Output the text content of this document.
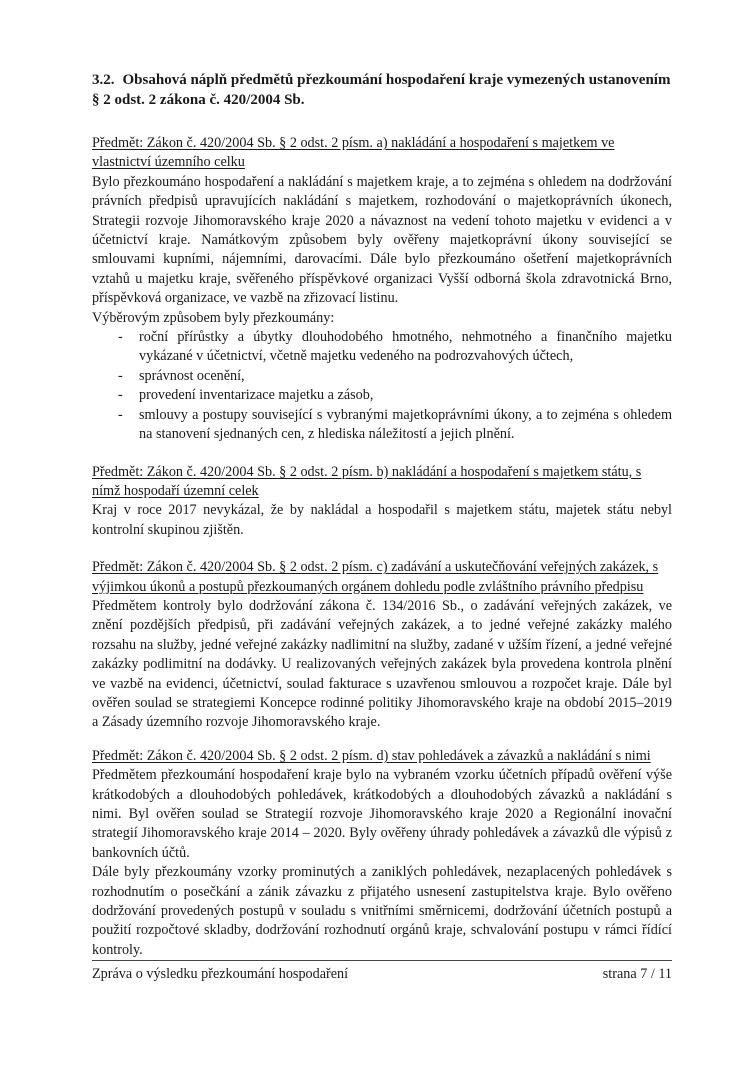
3.2. Obsahová náplň předmětů přezkoumání hospodaření kraje vymezených ustanovením § 2 odst. 2 zákona č. 420/2004 Sb.
Předmět: Zákon č. 420/2004 Sb. § 2 odst. 2 písm. a) nakládání a hospodaření s majetkem ve vlastnictví územního celku
Bylo přezkoumáno hospodaření a nakládání s majetkem kraje, a to zejména s ohledem na dodržování právních předpisů upravujících nakládání s majetkem, rozhodování o majetkoprávních úkonech, Strategii rozvoje Jihomoravského kraje 2020 a návaznost na vedení tohoto majetku v evidenci a v účetnictví kraje. Namátkovým způsobem byly ověřeny majetkoprávní úkony související se smlouvami kupními, nájemními, darovacími. Dále bylo přezkoumáno ošetření majetkoprávních vztahů u majetku kraje, svěřeného příspěvkové organizaci Vyšší odborná škola zdravotnická Brno, příspěvková organizace, ve vazbě na zřizovací listinu.
Výběrovým způsobem byly přezkoumány:
- roční přírůstky a úbytky dlouhodobého hmotného, nehmotného a finančního majetku vykázané v účetnictví, včetně majetku vedeného na podrozvahových účtech,
- správnost ocenění,
- provedení inventarizace majetku a zásob,
- smlouvy a postupy související s vybranými majetkoprávními úkony, a to zejména s ohledem na stanovení sjednaných cen, z hlediska náležitostí a jejich plnění.
Předmět: Zákon č. 420/2004 Sb. § 2 odst. 2 písm. b) nakládání a hospodaření s majetkem státu, s nímž hospodaří územní celek
Kraj v roce 2017 nevykázal, že by nakládal a hospodařil s majetkem státu, majetek státu nebyl kontrolní skupinou zjištěn.
Předmět: Zákon č. 420/2004 Sb. § 2 odst. 2 písm. c) zadávání a uskutečňování veřejných zakázek, s výjimkou úkonů a postupů přezkoumaných orgánem dohledu podle zvláštního právního předpisu
Předmětem kontroly bylo dodržování zákona č. 134/2016 Sb., o zadávání veřejných zakázek, ve znění pozdějších předpisů, při zadávání veřejných zakázek, a to jedné veřejné zakázky malého rozsahu na služby, jedné veřejné zakázky nadlimitní na služby, zadané v užším řízení, a jedné veřejné zakázky podlimitní na dodávky. U realizovaných veřejných zakázek byla provedena kontrola plnění ve vazbě na evidenci, účetnictví, soulad fakturace s uzavřenou smlouvou a rozpočet kraje. Dále byl ověřen soulad se strategiemi Koncepce rodinné politiky Jihomoravského kraje na období 2015–2019 a Zásady územního rozvoje Jihomoravského kraje.
Předmět: Zákon č. 420/2004 Sb. § 2 odst. 2 písm. d) stav pohledávek a závazků a nakládání s nimi
Předmětem přezkoumání hospodaření kraje bylo na vybraném vzorku účetních případů ověření výše krátkodobých a dlouhodobých pohledávek, krátkodobých a dlouhodobých závazků a nakládání s nimi. Byl ověřen soulad se Strategií rozvoje Jihomoravského kraje 2020 a Regionální inovační strategií Jihomoravského kraje 2014 – 2020. Byly ověřeny úhrady pohledávek a závazků dle výpisů z bankovních účtů.
Dále byly přezkoumány vzorky prominutých a zaniklých pohledávek, nezaplacených pohledávek s rozhodnutím o posečkání a zánik závazku z přijatého usnesení zastupitelstva kraje. Bylo ověřeno dodržování provedených postupů v souladu s vnitřními směrnicemi, dodržování účetních postupů a použití rozpočtové skladby, dodržování rozhodnutí orgánů kraje, schvalování postupu v rámci řídící kontroly.
Zpráva o výsledku přezkoumání hospodaření	strana 7 / 11
